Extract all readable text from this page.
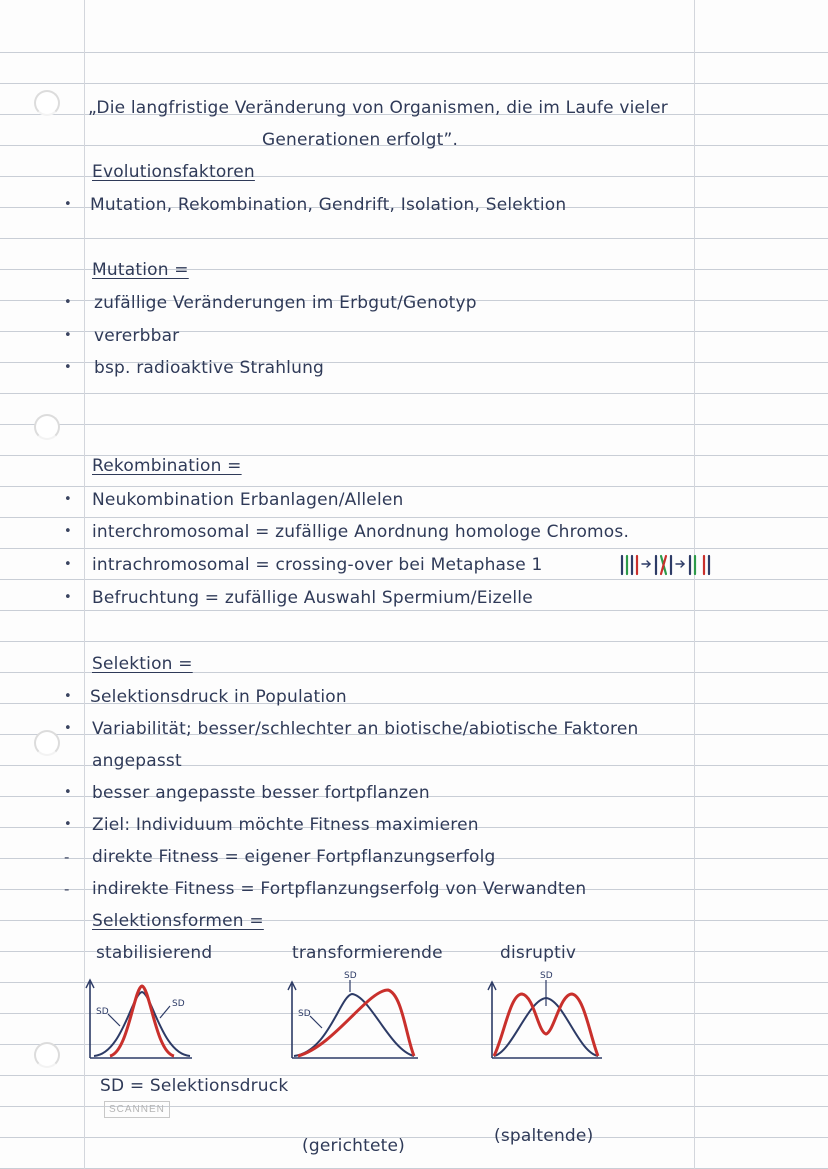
„Die langfristige Veränderung von Organismen, die im Laufe vieler

Generationen erfolgt”.

Evolutionsfaktoren

• Mutation, Rekombination, Gendrift, Isolation, Selektion

Mutation =

• zufällige Veränderungen im Erbgut/Genotyp

• vererbbar

• bsp. radioaktive Strahlung

Rekombination =

• Neukombination Erbanlagen/Allelen

• interchromosomal = zufällige Anordnung homologe Chromos.

• intrachromosomal = crossing-over bei Metaphase 1

• Befruchtung = zufällige Auswahl Spermium/Eizelle

Selektion =

• Selektionsdruck in Population

• Variabilität; besser/schlechter an biotische/abiotische Faktoren

angepasst

• besser angepasste besser fortpflanzen

• Ziel: Individuum möchte Fitness maximieren

- direkte Fitness = eigener Fortpflanzungserfolg

- indirekte Fitness = Fortpflanzungserfolg von Verwandten

Selektionsformen =

stabilisierend	transformierende	disruptiv

SD
SD
SD
SD
SD

SD = Selektionsdruck

SCANNEN

(gerichtete)	(spaltende)
